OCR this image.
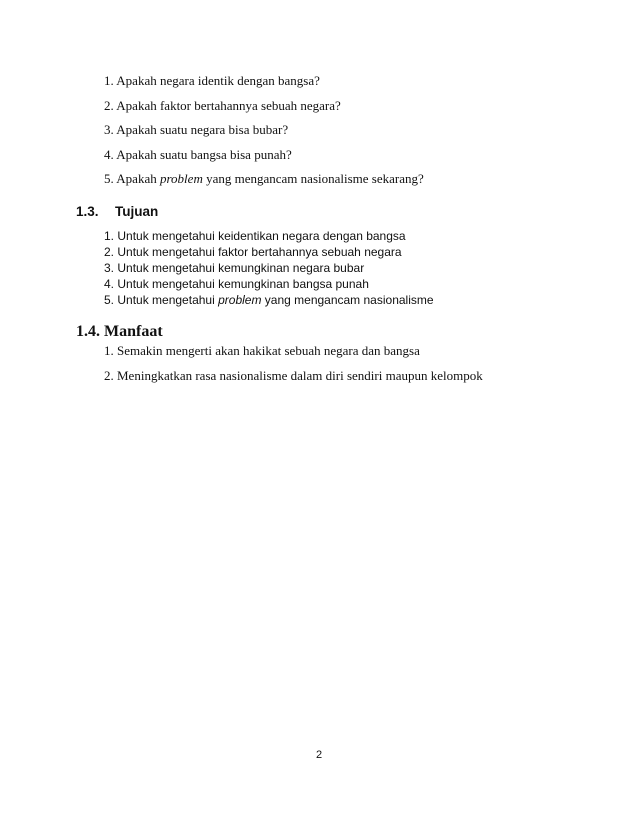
1. Apakah negara identik dengan bangsa?
2. Apakah faktor bertahannya sebuah negara?
3. Apakah suatu negara bisa bubar?
4. Apakah suatu bangsa bisa punah?
5. Apakah problem yang mengancam nasionalisme sekarang?
1.3. Tujuan
1. Untuk mengetahui keidentikan negara dengan bangsa
2. Untuk mengetahui faktor bertahannya sebuah negara
3. Untuk mengetahui kemungkinan negara bubar
4. Untuk mengetahui kemungkinan bangsa punah
5. Untuk mengetahui problem yang mengancam nasionalisme
1.4. Manfaat
1. Semakin mengerti akan hakikat sebuah negara dan bangsa
2. Meningkatkan rasa nasionalisme dalam diri sendiri maupun kelompok
2
